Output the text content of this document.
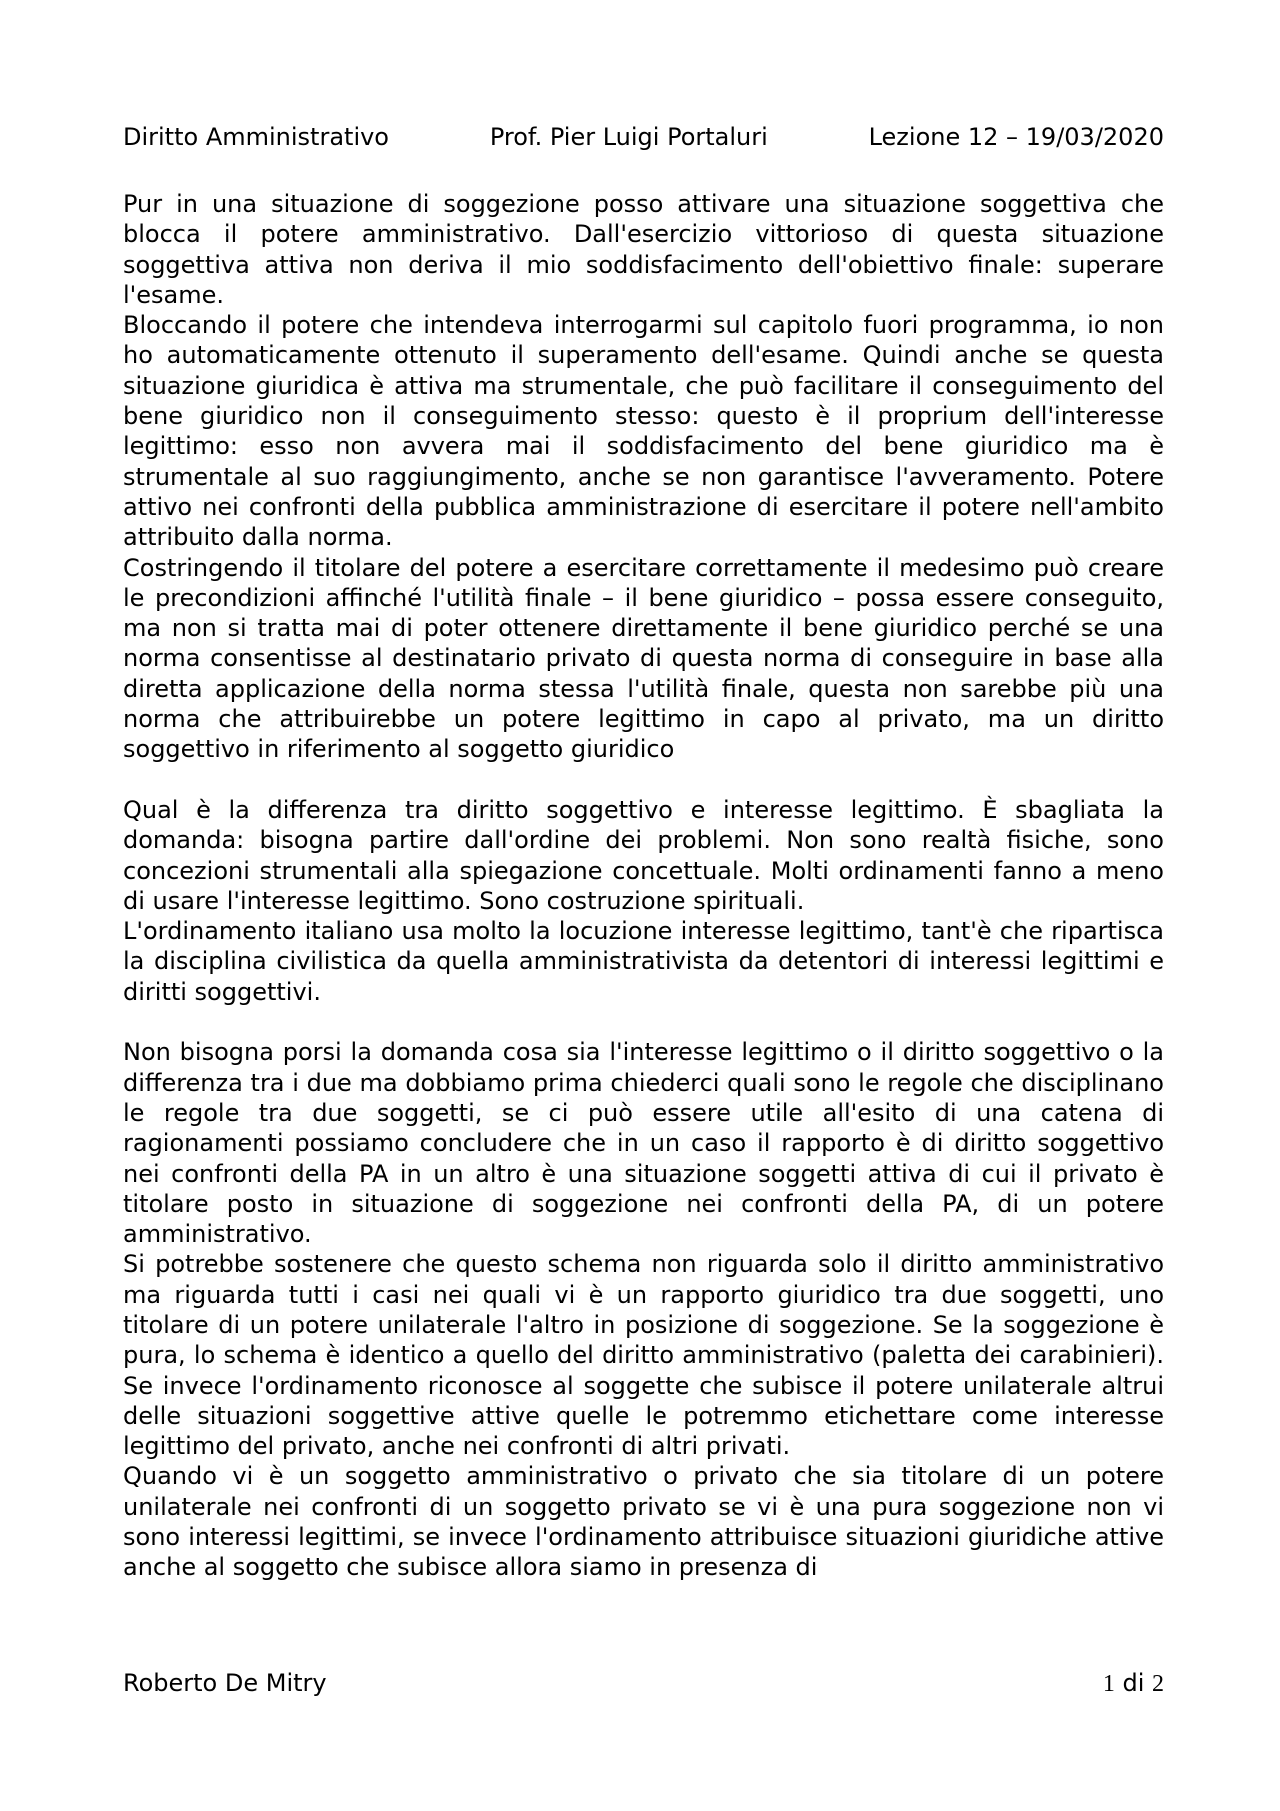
Diritto Amministrativo	Prof. Pier Luigi Portaluri	Lezione 12 – 19/03/2020

Pur in una situazione di soggezione posso attivare una situazione soggettiva che blocca il potere amministrativo. Dall'esercizio vittorioso di questa situazione soggettiva attiva non deriva il mio soddisfacimento dell'obiettivo finale: superare l'esame.

Bloccando il potere che intendeva interrogarmi sul capitolo fuori programma, io non ho automaticamente ottenuto il superamento dell'esame. Quindi anche se questa situazione giuridica è attiva ma strumentale, che può facilitare il conseguimento del bene giuridico non il conseguimento stesso: questo è il proprium dell'interesse legittimo: esso non avvera mai il soddisfacimento del bene giuridico ma è strumentale al suo raggiungimento, anche se non garantisce l'avveramento. Potere attivo nei confronti della pubblica amministrazione di esercitare il potere nell'ambito attribuito dalla norma.

Costringendo il titolare del potere a esercitare correttamente il medesimo può creare le precondizioni affinché l'utilità finale – il bene giuridico – possa essere conseguito, ma non si tratta mai di poter ottenere direttamente il bene giuridico perché se una norma consentisse al destinatario privato di questa norma di conseguire in base alla diretta applicazione della norma stessa l'utilità finale, questa non sarebbe più una norma che attribuirebbe un potere legittimo in capo al privato, ma un diritto soggettivo in riferimento al soggetto giuridico

Qual è la differenza tra diritto soggettivo e interesse legittimo. È sbagliata la domanda: bisogna partire dall'ordine dei problemi. Non sono realtà fisiche, sono concezioni strumentali alla spiegazione concettuale. Molti ordinamenti fanno a meno di usare l'interesse legittimo. Sono costruzione spirituali.

L'ordinamento italiano usa molto la locuzione interesse legittimo, tant'è che ripartisca la disciplina civilistica da quella amministrativista da detentori di interessi legittimi e diritti soggettivi.

Non bisogna porsi la domanda cosa sia l'interesse legittimo o il diritto soggettivo o la differenza tra i due ma dobbiamo prima chiederci quali sono le regole che disciplinano le regole tra due soggetti, se ci può essere utile all'esito di una catena di ragionamenti possiamo concludere che in un caso il rapporto è di diritto soggettivo nei confronti della PA in un altro è una situazione soggetti attiva di cui il privato è titolare posto in situazione di soggezione nei confronti della PA, di un potere amministrativo.

Si potrebbe sostenere che questo schema non riguarda solo il diritto amministrativo ma riguarda tutti i casi nei quali vi è un rapporto giuridico tra due soggetti, uno titolare di un potere unilaterale l'altro in posizione di soggezione. Se la soggezione è pura, lo schema è identico a quello del diritto amministrativo (paletta dei carabinieri). Se invece l'ordinamento riconosce al soggette che subisce il potere unilaterale altrui delle situazioni soggettive attive quelle le potremmo etichettare come interesse legittimo del privato, anche nei confronti di altri privati.

Quando vi è un soggetto amministrativo o privato che sia titolare di un potere unilaterale nei confronti di un soggetto privato se vi è una pura soggezione non vi sono interessi legittimi, se invece l'ordinamento attribuisce situazioni giuridiche attive anche al soggetto che subisce allora siamo in presenza di

Roberto De Mitry	1 di 2
